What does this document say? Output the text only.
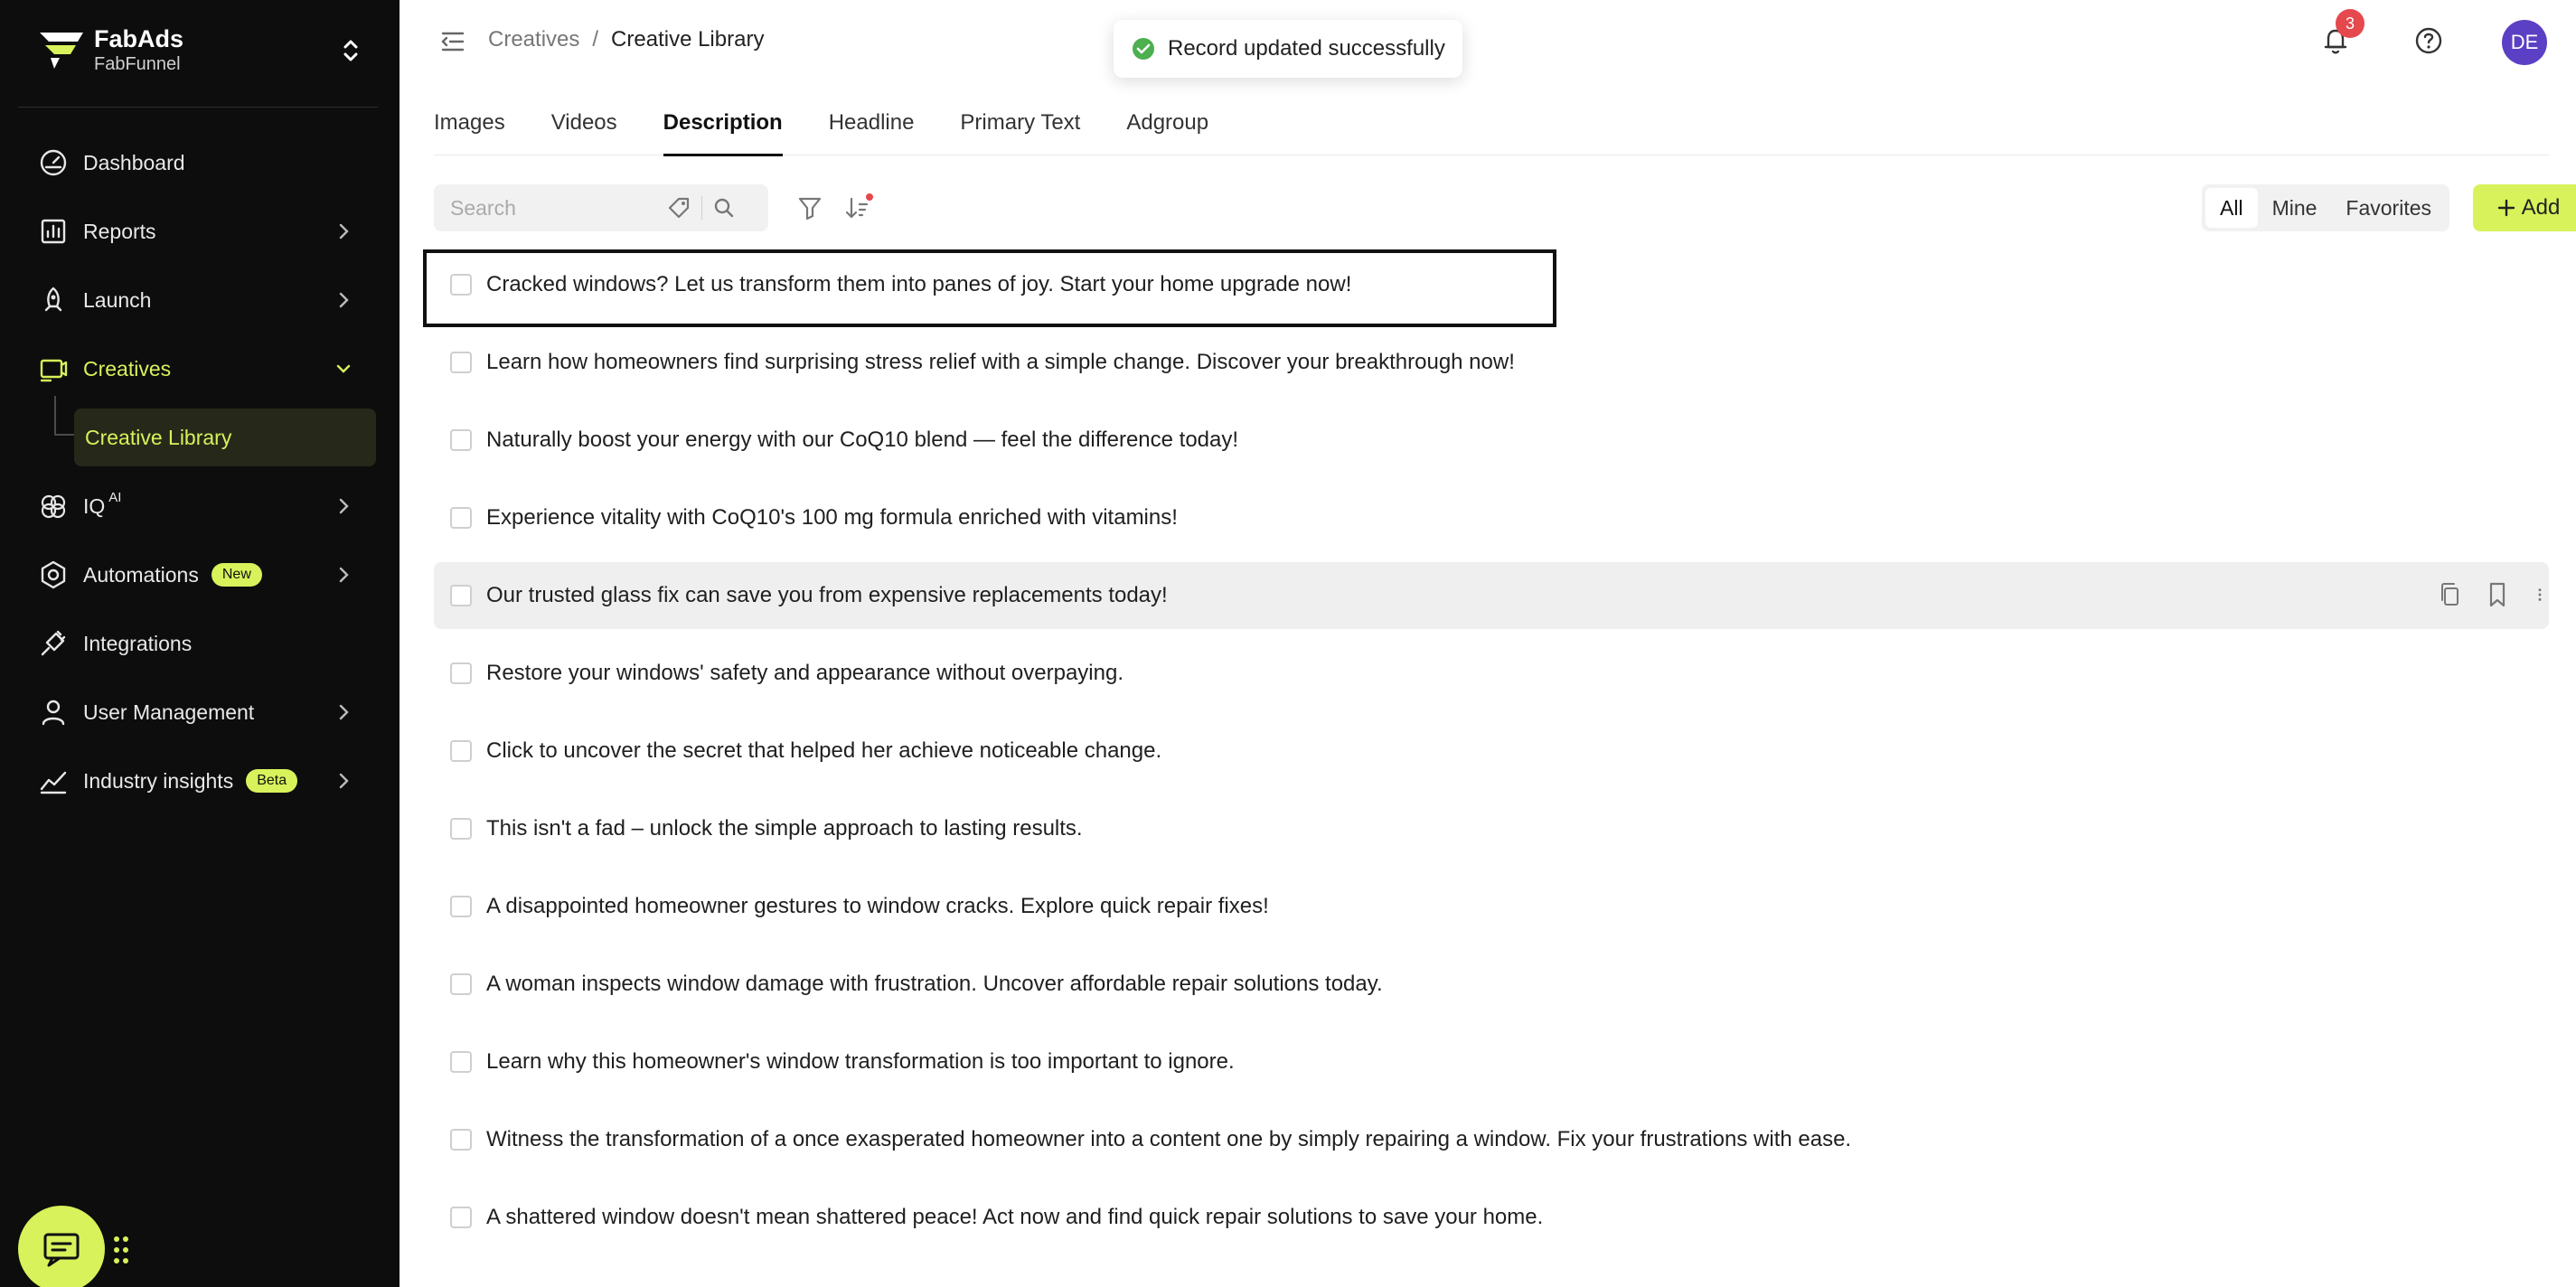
FabAds
FabFunnel
Dashboard
Reports
Launch
Creatives
Creative Library
IQ AI
Automations	New
Integrations
User Management
Industry insights	Beta
Creatives / Creative Library	Record updated successfully
3
DE
Images Videos Description Headline Primary Text Adgroup
Search
All	Mine	Favorites	Add
Cracked windows? Let us transform them into panes of joy. Start your home upgrade now!
Learn how homeowners find surprising stress relief with a simple change. Discover your breakthrough now!
Naturally boost your energy with our CoQ10 blend — feel the difference today!
Experience vitality with CoQ10's 100 mg formula enriched with vitamins!
Our trusted glass fix can save you from expensive replacements today!
Restore your windows' safety and appearance without overpaying.
Click to uncover the secret that helped her achieve noticeable change.
This isn't a fad – unlock the simple approach to lasting results.
A disappointed homeowner gestures to window cracks. Explore quick repair fixes!
A woman inspects window damage with frustration. Uncover affordable repair solutions today.
Learn why this homeowner's window transformation is too important to ignore.
Witness the transformation of a once exasperated homeowner into a content one by simply repairing a window. Fix your frustrations with ease.
A shattered window doesn't mean shattered peace! Act now and find quick repair solutions to save your home.
